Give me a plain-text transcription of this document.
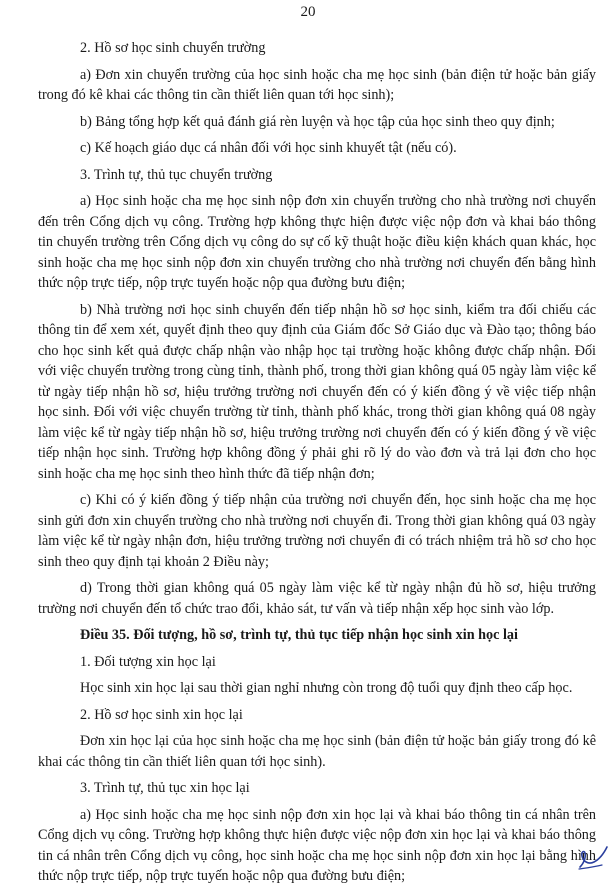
20

2. Hồ sơ học sinh chuyển trường

a) Đơn xin chuyển trường của học sinh hoặc cha mẹ học sinh (bản điện tử hoặc bản giấy trong đó kê khai các thông tin cần thiết liên quan tới học sinh);

b) Bảng tổng hợp kết quả đánh giá rèn luyện và học tập của học sinh theo quy định;

c) Kế hoạch giáo dục cá nhân đối với học sinh khuyết tật (nếu có).

3. Trình tự, thủ tục chuyển trường

a) Học sinh hoặc cha mẹ học sinh nộp đơn xin chuyển trường cho nhà trường nơi chuyển đến trên Cổng dịch vụ công. Trường hợp không thực hiện được việc nộp đơn và khai báo thông tin chuyển trường trên Cổng dịch vụ công do sự cố kỹ thuật hoặc điều kiện khách quan khác, học sinh hoặc cha mẹ học sinh nộp đơn xin chuyển trường cho nhà trường nơi chuyển đến bằng hình thức nộp trực tiếp, nộp trực tuyến hoặc nộp qua đường bưu điện;

b) Nhà trường nơi học sinh chuyển đến tiếp nhận hồ sơ học sinh, kiểm tra đối chiếu các thông tin để xem xét, quyết định theo quy định của Giám đốc Sở Giáo dục và Đào tạo; thông báo cho học sinh kết quả được chấp nhận vào nhập học tại trường hoặc không được chấp nhận. Đối với việc chuyển trường trong cùng tỉnh, thành phố, trong thời gian không quá 05 ngày làm việc kể từ ngày tiếp nhận hồ sơ, hiệu trưởng trường nơi chuyển đến có ý kiến đồng ý về việc tiếp nhận học sinh. Đối với việc chuyển trường từ tỉnh, thành phố khác, trong thời gian không quá 08 ngày làm việc kể từ ngày tiếp nhận hồ sơ, hiệu trưởng trường nơi chuyển đến có ý kiến đồng ý về việc tiếp nhận học sinh. Trường hợp không đồng ý phải ghi rõ lý do vào đơn và trả lại đơn cho học sinh hoặc cha mẹ học sinh theo hình thức đã tiếp nhận đơn;

c) Khi có ý kiến đồng ý tiếp nhận của trường nơi chuyển đến, học sinh hoặc cha mẹ học sinh gửi đơn xin chuyển trường cho nhà trường nơi chuyển đi. Trong thời gian không quá 03 ngày làm việc kể từ ngày nhận đơn, hiệu trưởng trường nơi chuyển đi có trách nhiệm trả hồ sơ cho học sinh theo quy định tại khoản 2 Điều này;

d) Trong thời gian không quá 05 ngày làm việc kể từ ngày nhận đủ hồ sơ, hiệu trưởng trường nơi chuyển đến tổ chức trao đổi, khảo sát, tư vấn và tiếp nhận xếp học sinh vào lớp.

Điều 35. Đối tượng, hồ sơ, trình tự, thủ tục tiếp nhận học sinh xin học lại

1. Đối tượng xin học lại

Học sinh xin học lại sau thời gian nghỉ nhưng còn trong độ tuổi quy định theo cấp học.

2. Hồ sơ học sinh xin học lại

Đơn xin học lại của học sinh hoặc cha mẹ học sinh (bản điện tử hoặc bản giấy trong đó kê khai các thông tin cần thiết liên quan tới học sinh).

3. Trình tự, thủ tục xin học lại

a) Học sinh hoặc cha mẹ học sinh nộp đơn xin học lại và khai báo thông tin cá nhân trên Cổng dịch vụ công. Trường hợp không thực hiện được việc nộp đơn xin học lại và khai báo thông tin cá nhân trên Cổng dịch vụ công, học sinh hoặc cha mẹ học sinh nộp đơn xin học lại bằng hình thức nộp trực tiếp, nộp trực tuyến hoặc nộp qua đường bưu điện;
